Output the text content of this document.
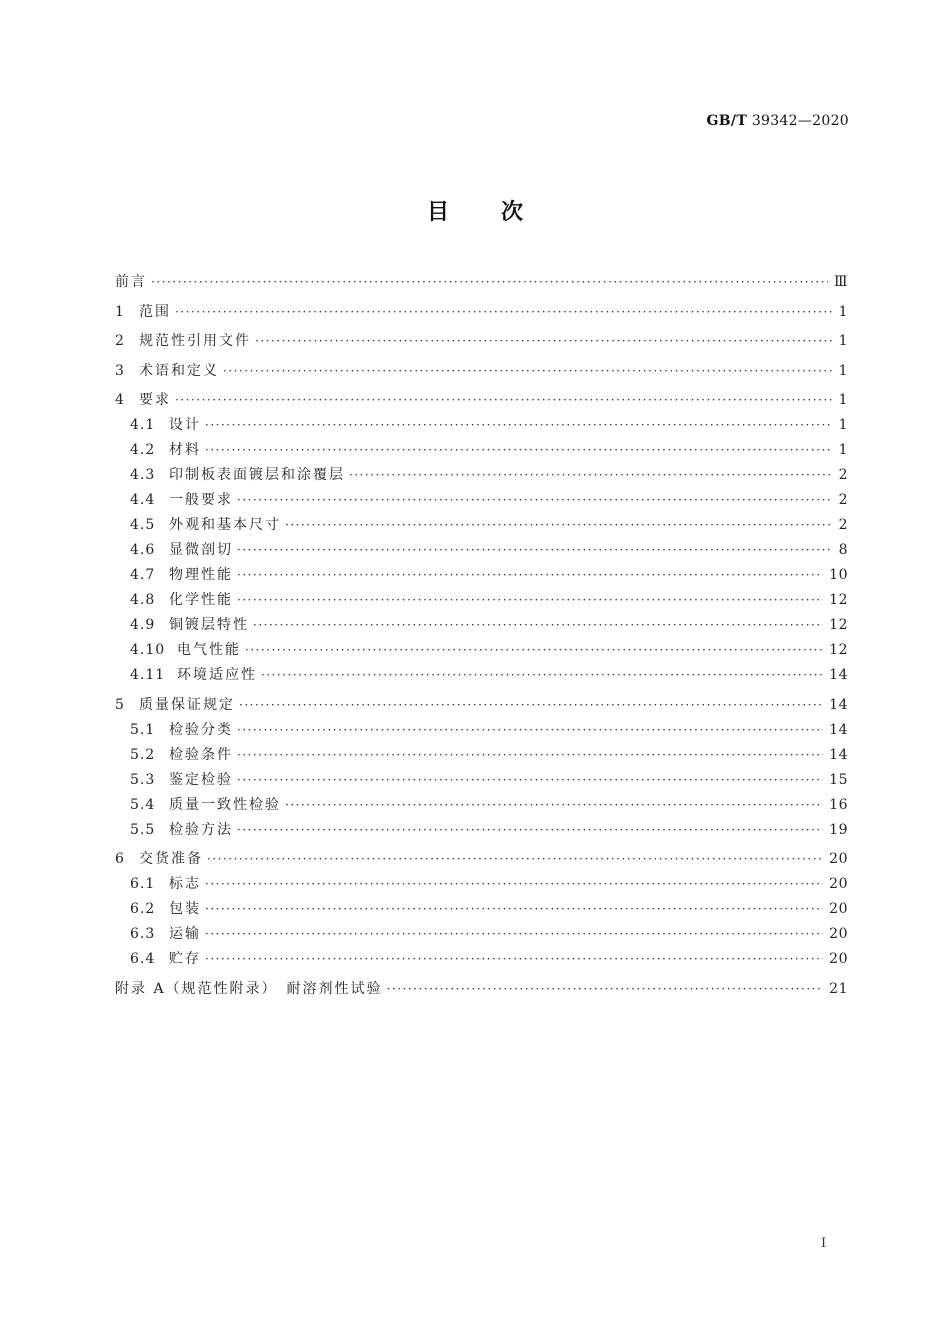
GB/T 39342—2020
目次
前言 ·····	Ⅲ
1	范围 ·····	1
2	规范性引用文件 ·····	1
3	术语和定义 ·····	1
4	要求 ·····	1
4.1 设计 ·····	1
4.2 材料 ·····	1
4.3 印制板表面镀层和涂覆层 ·····	2
4.4 一般要求 ·····	2
4.5 外观和基本尺寸 ·····	2
4.6 显微剖切 ·····	8
4.7 物理性能 ·····	10
4.8 化学性能 ·····	12
4.9 铜镀层特性 ·····	12
4.10 电气性能 ·····	12
4.11 环境适应性 ·····	14
5	质量保证规定 ·····	14
5.1 检验分类 ·····	14
5.2 检验条件 ·····	14
5.3 鉴定检验 ·····	15
5.4 质量一致性检验 ·····	16
5.5 检验方法 ·····	19
6	交货准备 ·····	20
6.1 标志 ·····	20
6.2 包装 ·····	20
6.3 运输 ·····	20
6.4 贮存 ·····	20
附录 A（规范性附录）　耐溶剂性试验 ·····	21
I
